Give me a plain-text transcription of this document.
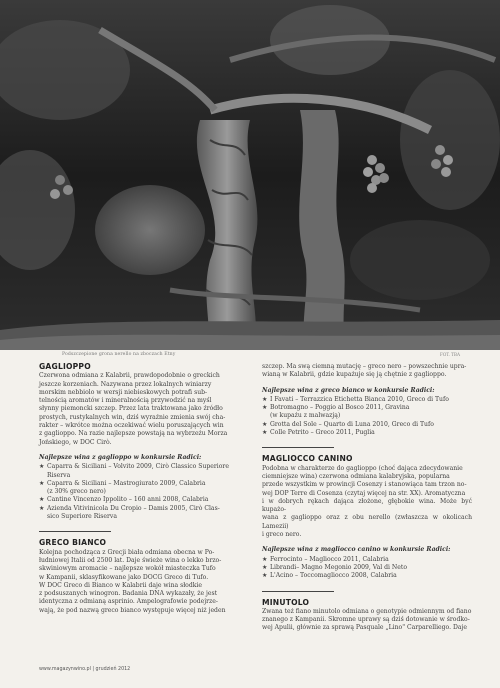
Podszczepione grona nerello na zboczach Etny	FOT. TBA
GAGLIOPPO
Czerwona odmiana z Kalabrii, prawdopodobnie o greckich
jeszcze korzeniach. Nazywana przez lokalnych winiarzy
morskim nebbiolo w wersji niebieskowych potrafi sub-
telnością aromatów i mineralnością przywodzić na myśl
słynny piemoncki szczep. Przez lata traktowana jako źródło
prostych, rustykalnych win, dziś wyraźnie zmienia swój cha-
rakter – wkrótce można oczekiwać wielu poruszających win
z gaglioppo. Na razie najlepsze powstają na wybrzeżu Morza
Jońskiego, w DOC Cirò.
Najlepsze wina z gaglioppo w konkursie Radici:
★ Caparra & Siciliani – Volvito 2009, Cirò Classico Superiore
Riserva
★ Caparra & Siciliani – Mastrogiurato 2009, Calabria
(z 30% greco nero)
★ Cantine Vincenzo Ippolito – 160 anni 2008, Calabria
★ Azienda Vitivinicola Du Cropio – Damis 2005, Cirò Clas-
sico Superiore Riserva
GRECO BIANCO
Kolejna pochodząca z Grecji biała odmiana obecna w Po-
łudniowej Italii od 2500 lat. Daje świeże wina o lekko brzo-
skwiniowym aromacie – najlepsze wokół miasteczka Tufo
w Kampanii, sklasyfikowane jako DOCG Greco di Tufo.
W DOC Greco di Bianco w Kalabrii daje wina słodkie
z podsuszanych winogron. Badania DNA wykazały, że jest
identyczna z odmianą asprinio. Ampelografowie podejrze-
wają, że pod nazwą greco bianco występuje więcej niż jeden
szczep. Ma swą ciemną mutację – greco nero – powszechnie upra-
wianą w Kalabrii, gdzie kupażuje się ją chętnie z gaglioppo.
Najlepsze wina z greco bianco w konkursie Radici:
★ I Favati – Terrazzica Etichetta Bianca 2010, Greco di Tufo
★ Botromagno – Poggio al Bosco 2011, Gravina
(w kupażu z malwazją)
★ Grotta del Sole – Quarto di Luna 2010, Greco di Tufo
★ Colle Petrito – Greco 2011, Puglia
MAGLIOCCO CANINO
Podobna w charakterze do gaglioppo (choć dająca zdecydowanie
ciemniejsze wina) czerwona odmiana kalabryjska, popularna
przede wszystkim w prowincji Cosenzy i stanowiąca tam trzon no-
wej DOP Terre di Cosenza (czytaj więcej na str. XX). Aromatyczna
i w dobrych rękach dająca złożone, głębokie wina. Może być kupażo-
wana z gaglioppo oraz z obu nerello (zwłaszcza w okolicach Lamezii)
i greco nero.
Najlepsze wina z magliocco canino w konkursie Radici:
★ Ferrocinto – Magliocco 2011, Calabria
★ Librandi– Magno Megonio 2009, Val di Neto
★ L'Acino – Toccomagliocco 2008, Calabria
MINUTOLO
Zwana też fiano minutolo odmiana o genotypie odmiennym od fiano
znanego z Kampanii. Skromne uprawy są dziś dotowanie w środko-
wej Apulii, głównie za sprawą Pasquale „Lino" Carparelliego. Daje
www.magazynwino.pl | grudzień 2012
